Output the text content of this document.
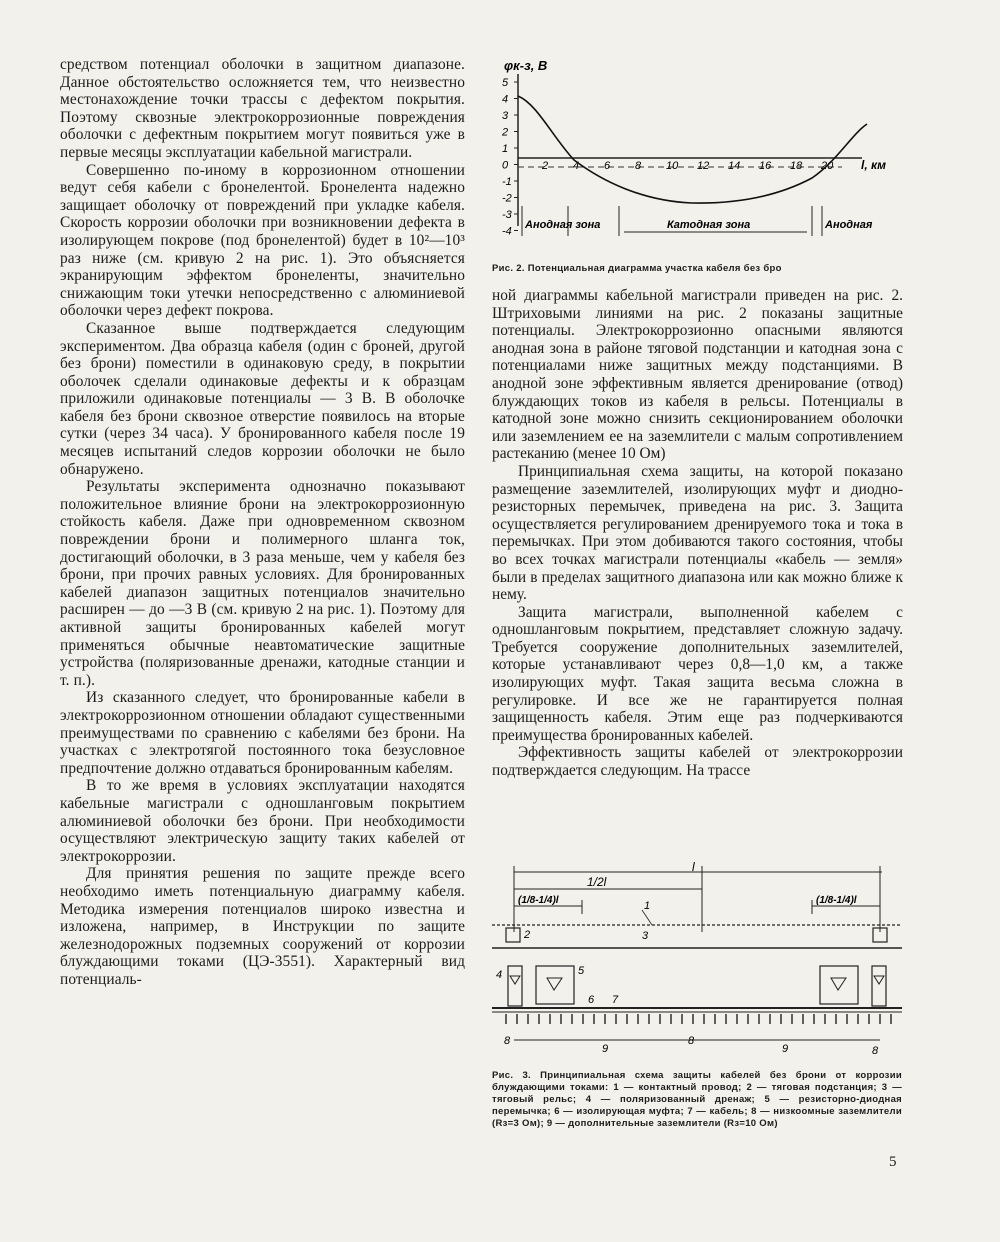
средством потенциал оболочки в защитном диапазоне. Данное обстоятельство осложняется тем, что неизвестно местонахождение точки трассы с дефектом покрытия. Поэтому сквозные электрокоррозионные повреждения оболочки с дефектным покрытием могут появиться уже в первые месяцы эксплуатации кабельной магистрали.

Совершенно по-иному в коррозионном отношении ведут себя кабели с бронелентой. Бронелента надежно защищает оболочку от повреждений при укладке кабеля. Скорость коррозии оболочки при возникновении дефекта в изолирующем покрове (под бронелентой) будет в 10²—10³ раз ниже (см. кривую 2 на рис. 1). Это объясняется экранирующим эффектом бронеленты, значительно снижающим токи утечки непосредственно с алюминиевой оболочки через дефект покрова.

Сказанное выше подтверждается следующим экспериментом. Два образца кабеля (один с броней, другой без брони) поместили в одинаковую среду, в покрытии оболочек сделали одинаковые дефекты и к образцам приложили одинаковые потенциалы — 3 В. В оболочке кабеля без брони сквозное отверстие появилось на вторые сутки (через 34 часа). У бронированного кабеля после 19 месяцев испытаний следов коррозии оболочки не было обнаружено.

Результаты эксперимента однозначно показывают положительное влияние брони на электрокоррозионную стойкость кабеля. Даже при одновременном сквозном повреждении брони и полимерного шланга ток, достигающий оболочки, в 3 раза меньше, чем у кабеля без брони, при прочих равных условиях. Для бронированных кабелей диапазон защитных потенциалов значительно расширен — до —3 В (см. кривую 2 на рис. 1). Поэтому для активной защиты бронированных кабелей могут применяться обычные неавтоматические защитные устройства (поляризованные дренажи, катодные станции и т. п.).

Из сказанного следует, что бронированные кабели в электрокоррозионном отношении обладают существенными преимуществами по сравнению с кабелями без брони. На участках с электротягой постоянного тока безусловное предпочтение должно отдаваться бронированным кабелям.

В то же время в условиях эксплуатации находятся кабельные магистрали с одношланговым покрытием алюминиевой оболочки без брони. При необходимости осуществляют электрическую защиту таких кабелей от электрокоррозии.

Для принятия решения по защите прежде всего необходимо иметь потенциальную диаграмму кабеля. Методика измерения потенциалов широко известна и изложена, например, в Инструкции по защите железнодорожных подземных сооружений от коррозии блуждающими токами (ЦЭ-3551). Характерный вид потенциаль-

φк-з, В
5
4
3
2
1
0
-1
-2
-3
-4
2 4 6 8 10 12 14 16 18 20 l, км
Анодная зона	Катодная зона	Анодная
Рис. 2. Потенциальная диаграмма участка кабеля без бро

ной диаграммы кабельной магистрали приведен на рис. 2. Штриховыми линиями на рис. 2 показаны защитные потенциалы. Электрокоррозионно опасными являются анодная зона в районе тяговой подстанции и катодная зона с потенциалами ниже защитных между подстанциями. В анодной зоне эффективным является дренирование (отвод) блуждающих токов из кабеля в рельсы. Потенциалы в катодной зоне можно снизить секционированием оболочки или заземлением ее на заземлители с малым сопротивлением растеканию (менее 10 Ом)

Принципиальная схема защиты, на которой показано размещение заземлителей, изолирующих муфт и диодно-резисторных перемычек, приведена на рис. 3. Защита осуществляется регулированием дренируемого тока и тока в перемычках. При этом добиваются такого состояния, чтобы во всех точках магистрали потенциалы «кабель — земля» были в пределах защитного диапазона или как можно ближе к нему.

Защита магистрали, выполненной кабелем с одношланговым покрытием, представляет сложную задачу. Требуется сооружение дополнительных заземлителей, которые устанавливают через 0,8—1,0 км, а также изолирующих муфт. Такая защита весьма сложна в регулировке. И все же не гарантируется полная защищенность кабеля. Этим еще раз подчеркиваются преимущества бронированных кабелей.

Эффективность защиты кабелей от электрокоррозии подтверждается следующим. На трассе

l
1/2l
(1/8-1/4)l	(1/8-1/4)l
1
3
2
4	5
6 7
8	8
8
9	9
Рис. 3. Принципиальная схема защиты кабелей без брони от коррозии блуждающими токами: 1 — контактный провод; 2 — тяговая подстанция; 3 — тяговый рельс; 4 — поляризованный дренаж; 5 — резисторно-диодная перемычка; 6 — изолирующая муфта; 7 — кабель; 8 — низкоомные заземлители (Rз=3 Ом); 9 — дополнительные заземлители (Rз=10 Ом)
5
